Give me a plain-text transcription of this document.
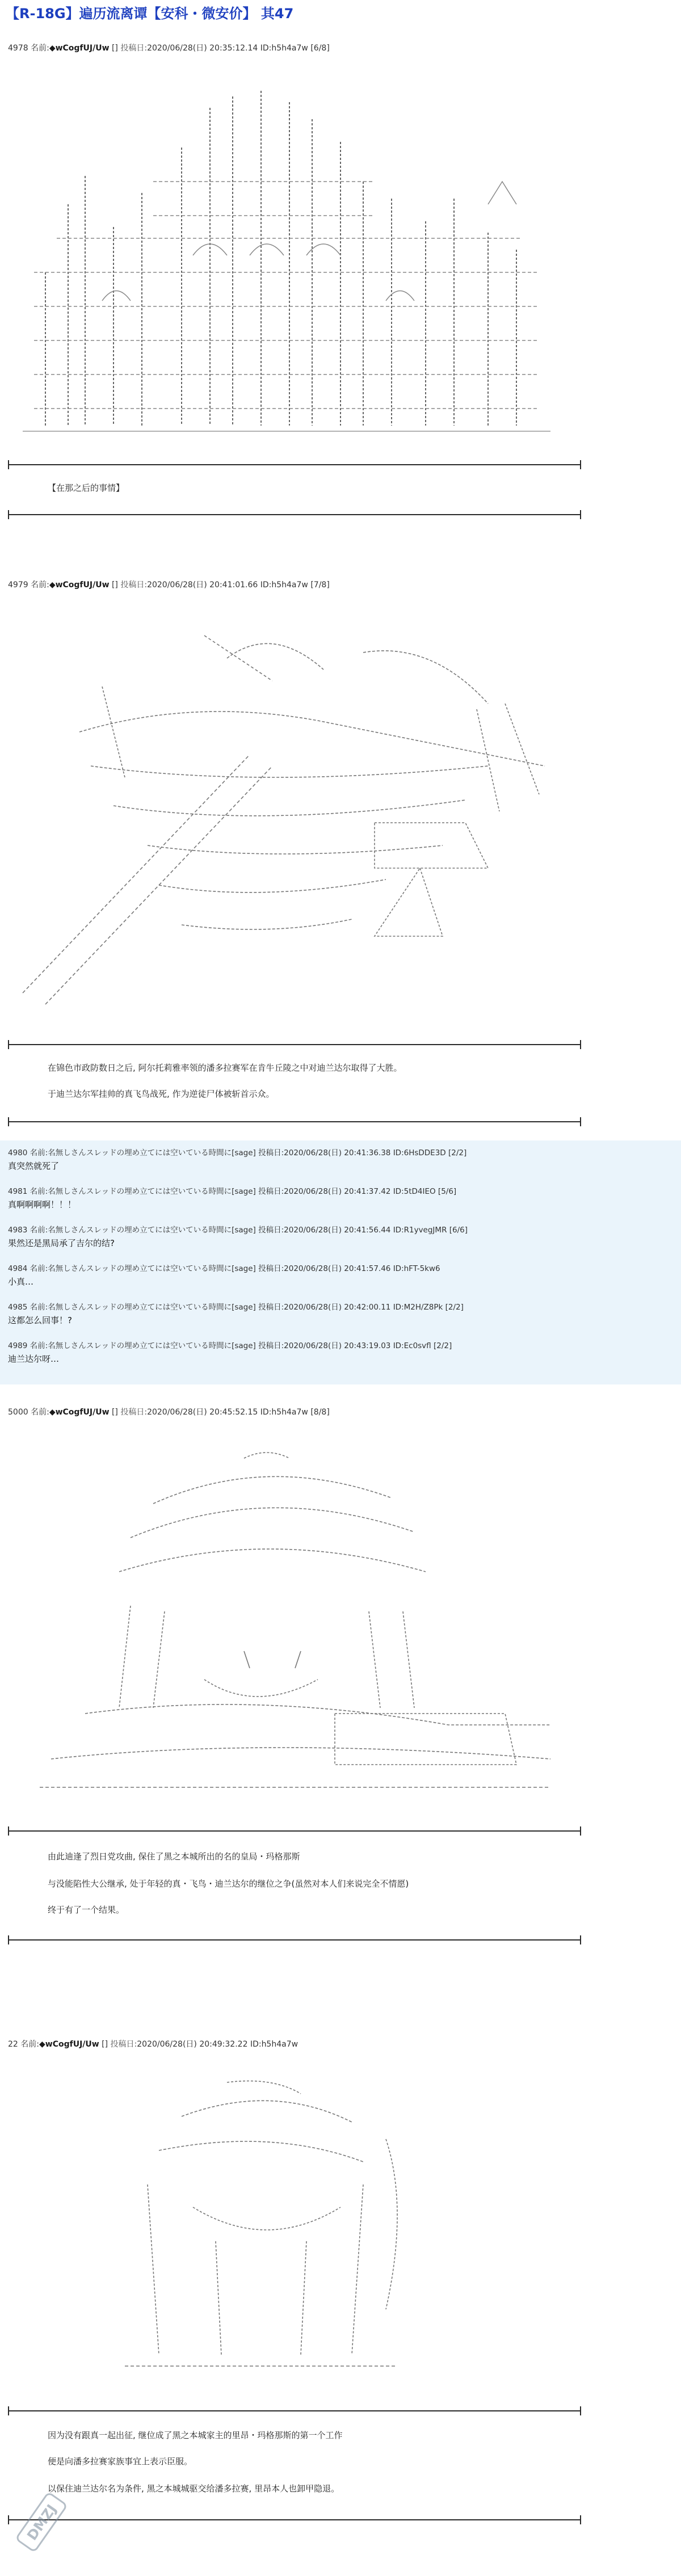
【R-18G】遍历流离谭【安科・微安价】 其47
4978 名前:◆wCogfUJ/Uw [] 投稿日:2020/06/28(日) 20:35:12.14 ID:h5h4a7w [6/8]
【在那之后的事情】
4979 名前:◆wCogfUJ/Uw [] 投稿日:2020/06/28(日) 20:41:01.66 ID:h5h4a7w [7/8]
在锦色市政防数日之后, 阿尔托莉雅率领的潘多拉赛军在肯牛丘陵之中对迪兰达尔取得了大胜。
于迪兰达尔军挂帅的真飞鸟战死, 作为逆徒尸体被斩首示众。
4980 名前:名無しさんスレッドの埋め立てには空いている時間に[sage] 投稿日:2020/06/28(日) 20:41:36.38 ID:6HsDDE3D [2/2]
真突然就死了
4981 名前:名無しさんスレッドの埋め立てには空いている時間に[sage] 投稿日:2020/06/28(日) 20:41:37.42 ID:5tD4IEO [5/6]
真啊啊啊啊！！！
4983 名前:名無しさんスレッドの埋め立てには空いている時間に[sage] 投稿日:2020/06/28(日) 20:41:56.44 ID:R1yvegJMR [6/6]
果然还是黑局承了吉尔的结?
4984 名前:名無しさんスレッドの埋め立てには空いている時間に[sage] 投稿日:2020/06/28(日) 20:41:57.46 ID:hFT-5kw6
小真…
4985 名前:名無しさんスレッドの埋め立てには空いている時間に[sage] 投稿日:2020/06/28(日) 20:42:00.11 ID:M2H/Z8Pk [2/2]
这都怎么回事！?
4989 名前:名無しさんスレッドの埋め立てには空いている時間に[sage] 投稿日:2020/06/28(日) 20:43:19.03 ID:Ec0svfl [2/2]
迪兰达尔呀…
5000 名前:◆wCogfUJ/Uw [] 投稿日:2020/06/28(日) 20:45:52.15 ID:h5h4a7w [8/8]
由此迪逢了烈日党攻曲, 保住了黑之本城所出的名的皇局・玛格那斯
与没能陷性大公继承, 处于年轻的真・飞鸟・迪兰达尔的继位之争(虽然对本人们来说完全不情愿)
终于有了一个结果。
22 名前:◆wCogfUJ/Uw [] 投稿日:2020/06/28(日) 20:49:32.22 ID:h5h4a7w
因为没有跟真一起出征, 继位成了黑之本城家主的里昂・玛格那斯的第一个工作
便是向潘多拉赛家族事宜上表示臣服。
以保住迪兰达尔名为条件, 黑之本城城驱交给潘多拉赛, 里昂本人也卸甲隐退。
DMZJ
